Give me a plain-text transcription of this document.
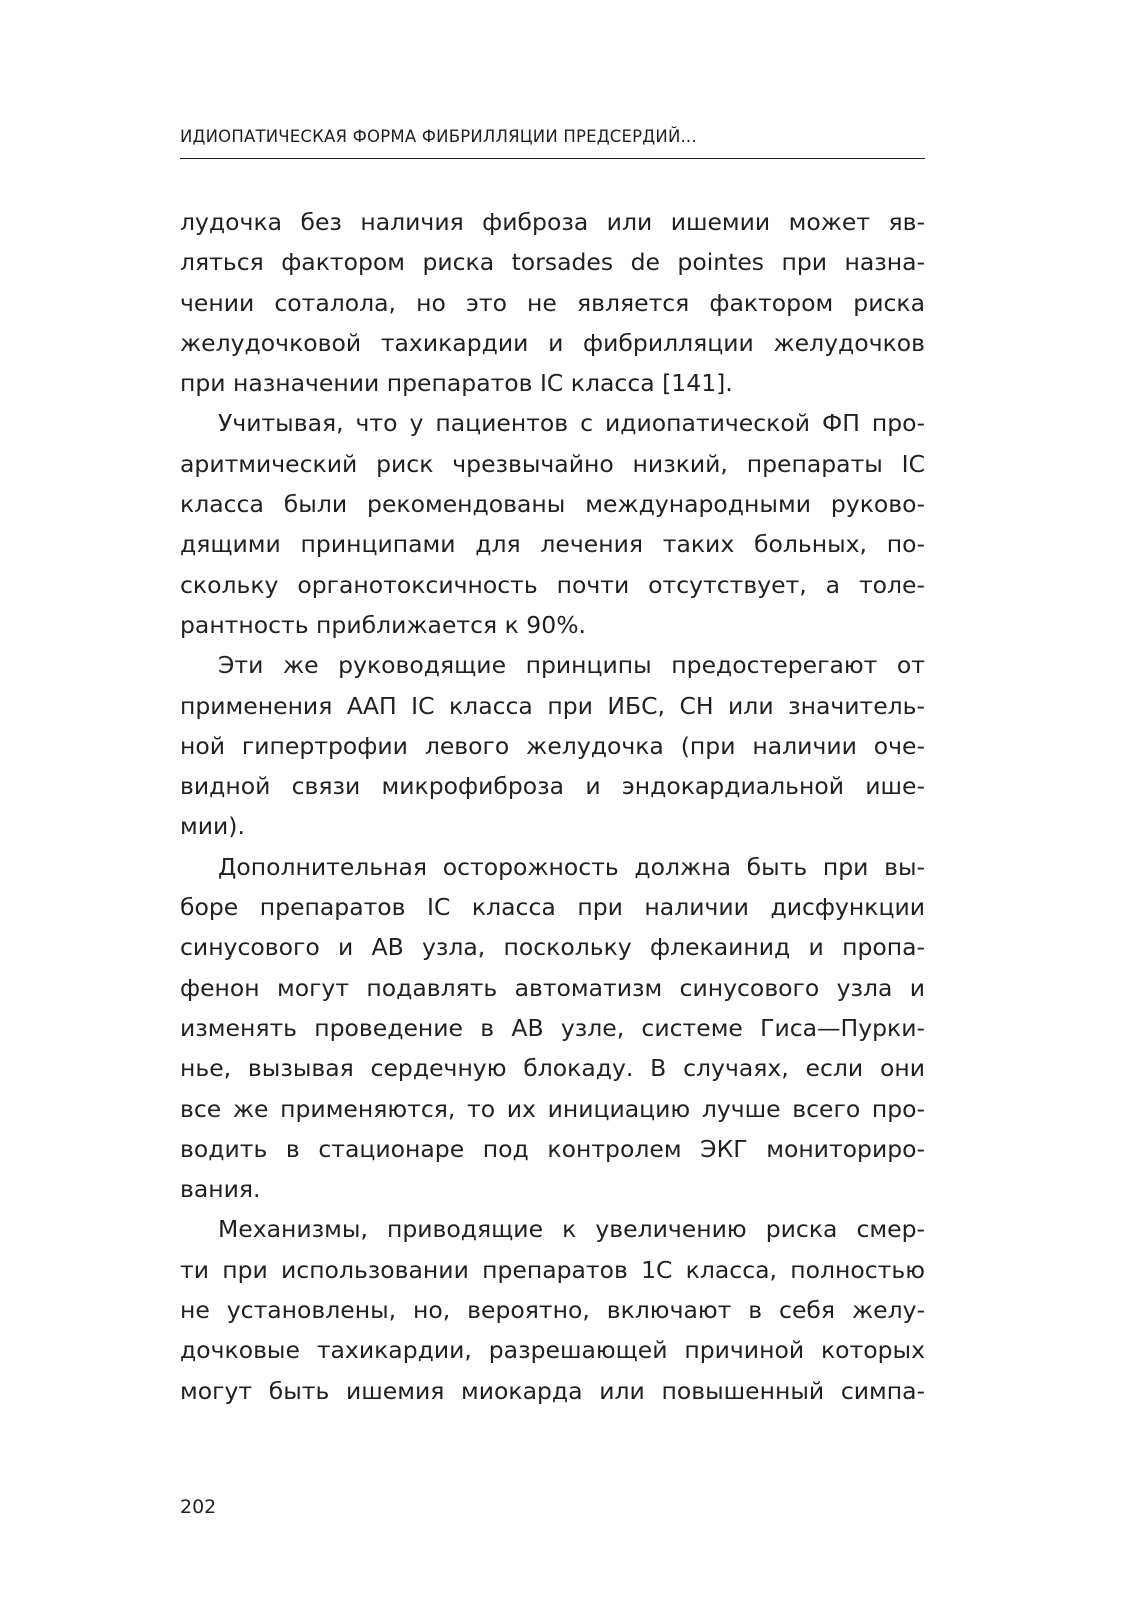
ИДИОПАТИЧЕСКАЯ ФОРМА ФИБРИЛЛЯЦИИ ПРЕДСЕРДИЙ...
лудочка без наличия фиброза или ишемии может яв-
ляться фактором риска torsades de pointes при назна-
чении соталола, но это не является фактором риска
желудочковой тахикардии и фибрилляции желудочков
при назначении препаратов IC класса [141].
Учитывая, что у пациентов с идиопатической ФП про-
аритмический риск чрезвычайно низкий, препараты IC
класса были рекомендованы международными руково-
дящими принципами для лечения таких больных, по-
скольку органотоксичность почти отсутствует, а толе-
рантность приближается к 90%.
Эти же руководящие принципы предостерегают от
применения ААП IC класса при ИБС, СН или значитель-
ной гипертрофии левого желудочка (при наличии оче-
видной связи микрофиброза и эндокардиальной ише-
мии).
Дополнительная осторожность должна быть при вы-
боре препаратов IC класса при наличии дисфункции
синусового и АВ узла, поскольку флекаинид и пропа-
фенон могут подавлять автоматизм синусового узла и
изменять проведение в АВ узле, системе Гиса—Пурки-
нье, вызывая сердечную блокаду. В случаях, если они
все же применяются, то их инициацию лучше всего про-
водить в стационаре под контролем ЭКГ мониториро-
вания.
Механизмы, приводящие к увеличению риска смер-
ти при использовании препаратов 1С класса, полностью
не установлены, но, вероятно, включают в себя желу-
дочковые тахикардии, разрешающей причиной которых
могут быть ишемия миокарда или повышенный симпа-
202
